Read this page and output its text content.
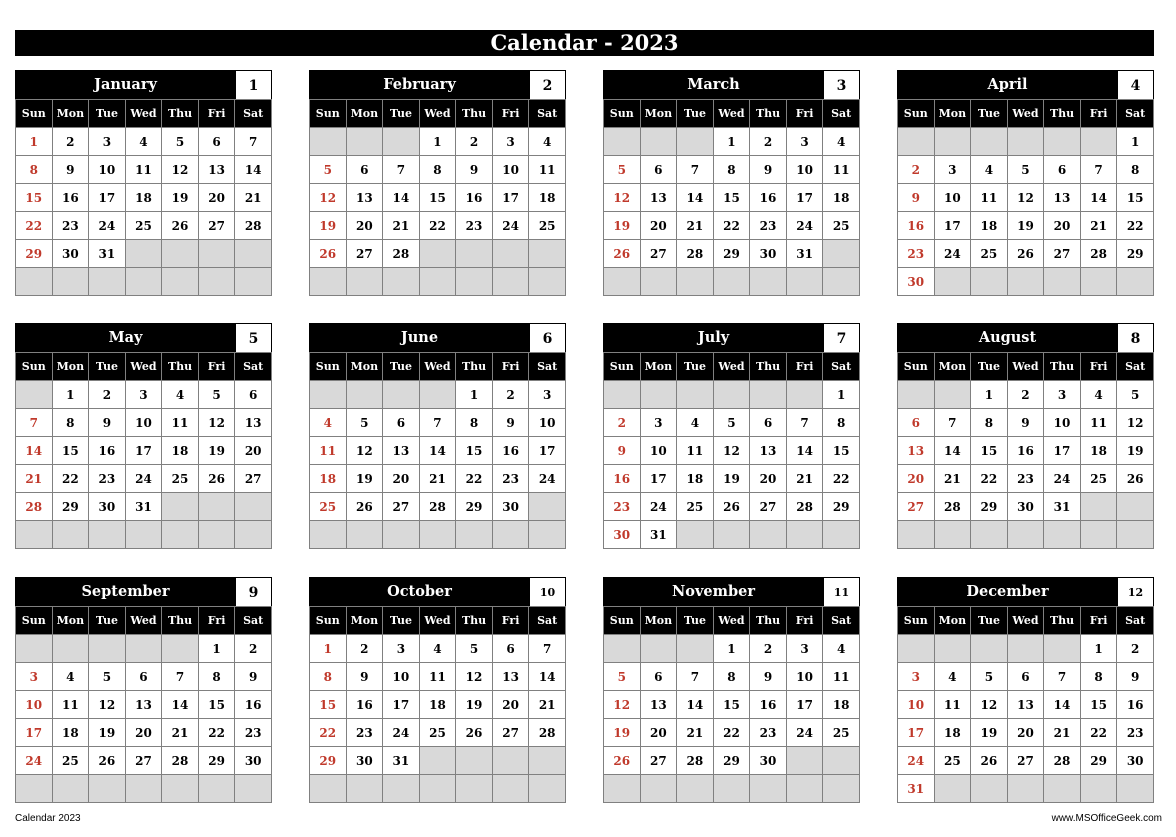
Calendar - 2023
January	1
Sun	Mon	Tue	Wed	Thu	Fri	Sat
1	2	3	4	5	6	7
8	9	10	11	12	13	14
15	16	17	18	19	20	21
22	23	24	25	26	27	28
29	30	31				

February	2
Sun	Mon	Tue	Wed	Thu	Fri	Sat
			1	2	3	4
5	6	7	8	9	10	11
12	13	14	15	16	17	18
19	20	21	22	23	24	25
26	27	28				

March	3
Sun	Mon	Tue	Wed	Thu	Fri	Sat
			1	2	3	4
5	6	7	8	9	10	11
12	13	14	15	16	17	18
19	20	21	22	23	24	25
26	27	28	29	30	31	

April	4
Sun	Mon	Tue	Wed	Thu	Fri	Sat
						1
2	3	4	5	6	7	8
9	10	11	12	13	14	15
16	17	18	19	20	21	22
23	24	25	26	27	28	29
30						
May	5
Sun	Mon	Tue	Wed	Thu	Fri	Sat
	1	2	3	4	5	6
7	8	9	10	11	12	13
14	15	16	17	18	19	20
21	22	23	24	25	26	27
28	29	30	31			

June	6
Sun	Mon	Tue	Wed	Thu	Fri	Sat
				1	2	3
4	5	6	7	8	9	10
11	12	13	14	15	16	17
18	19	20	21	22	23	24
25	26	27	28	29	30	

July	7
Sun	Mon	Tue	Wed	Thu	Fri	Sat
						1
2	3	4	5	6	7	8
9	10	11	12	13	14	15
16	17	18	19	20	21	22
23	24	25	26	27	28	29
30	31					
August	8
Sun	Mon	Tue	Wed	Thu	Fri	Sat
		1	2	3	4	5
6	7	8	9	10	11	12
13	14	15	16	17	18	19
20	21	22	23	24	25	26
27	28	29	30	31		

September	9
Sun	Mon	Tue	Wed	Thu	Fri	Sat
					1	2
3	4	5	6	7	8	9
10	11	12	13	14	15	16
17	18	19	20	21	22	23
24	25	26	27	28	29	30

October	10
Sun	Mon	Tue	Wed	Thu	Fri	Sat
1	2	3	4	5	6	7
8	9	10	11	12	13	14
15	16	17	18	19	20	21
22	23	24	25	26	27	28
29	30	31				

November	11
Sun	Mon	Tue	Wed	Thu	Fri	Sat
			1	2	3	4
5	6	7	8	9	10	11
12	13	14	15	16	17	18
19	20	21	22	23	24	25
26	27	28	29	30		

December	12
Sun	Mon	Tue	Wed	Thu	Fri	Sat
					1	2
3	4	5	6	7	8	9
10	11	12	13	14	15	16
17	18	19	20	21	22	23
24	25	26	27	28	29	30
31						
Calendar 2023	www.MSOfficeGeek.com
